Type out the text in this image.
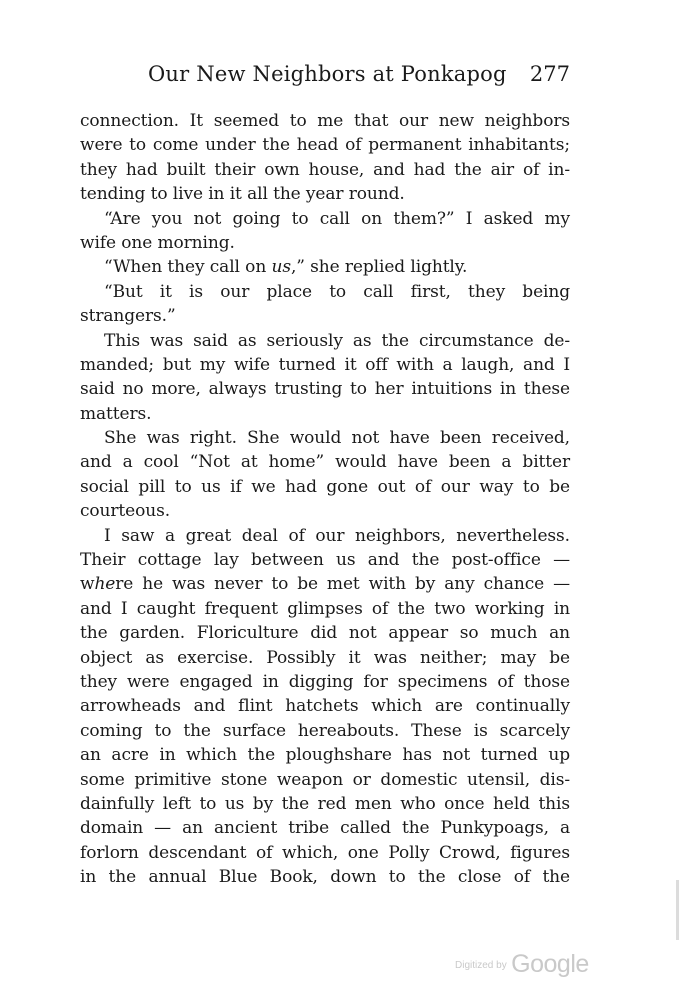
Our New Neighbors at Ponkapog 277
connection. It seemed to me that our new neighbors
were to come under the head of permanent inhabitants;
they had built their own house, and had the air of in-
tending to live in it all the year round.
“Are you not going to call on them?” I asked my
wife one morning.
“When they call on us,” she replied lightly.
“But it is our place to call first, they being
strangers.”
This was said as seriously as the circumstance de-
manded; but my wife turned it off with a laugh, and I
said no more, always trusting to her intuitions in these
matters.
She was right. She would not have been received,
and a cool “Not at home” would have been a bitter
social pill to us if we had gone out of our way to be
courteous.
I saw a great deal of our neighbors, nevertheless.
Their cottage lay between us and the post-office —
where he was never to be met with by any chance —
and I caught frequent glimpses of the two working in
the garden. Floriculture did not appear so much an
object as exercise. Possibly it was neither; may be
they were engaged in digging for specimens of those
arrowheads and flint hatchets which are continually
coming to the surface hereabouts. These is scarcely
an acre in which the ploughshare has not turned up
some primitive stone weapon or domestic utensil, dis-
dainfully left to us by the red men who once held this
domain — an ancient tribe called the Punkypoags, a
forlorn descendant of which, one Polly Crowd, figures
in the annual Blue Book, down to the close of the
$^{Digitized by}$ Google
